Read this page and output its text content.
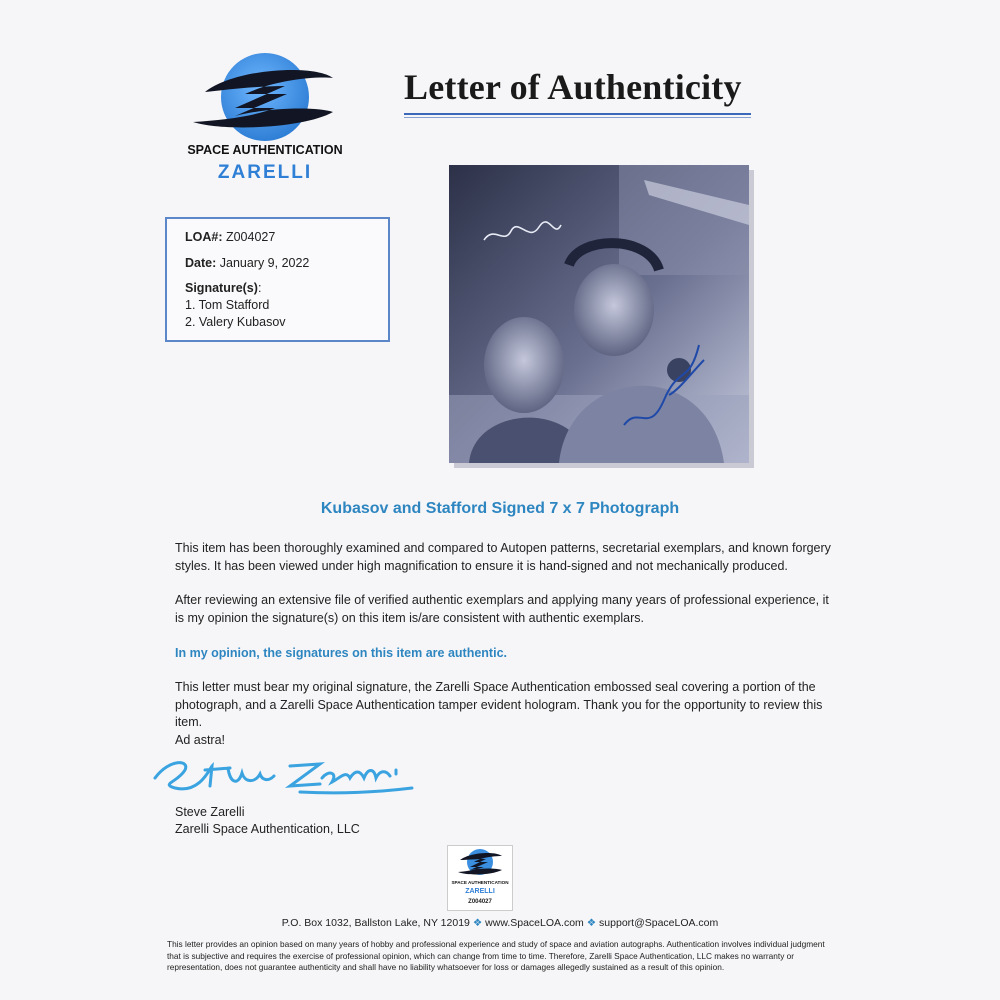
SPACE AUTHENTICATION
ZARELLI
Letter of Authenticity
LOA#: Z004027
Date: January 9, 2022
Signature(s):
1. Tom Stafford
2. Valery Kubasov
Kubasov and Stafford Signed 7 x 7 Photograph
This item has been thoroughly examined and compared to Autopen patterns, secretarial exemplars, and known forgery styles. It has been viewed under high magnification to ensure it is hand-signed and not mechanically produced.
After reviewing an extensive file of verified authentic exemplars and applying many years of professional experience, it is my opinion the signature(s) on this item is/are consistent with authentic exemplars.
In my opinion, the signatures on this item are authentic.
This letter must bear my original signature, the Zarelli Space Authentication embossed seal covering a portion of the photograph, and a Zarelli Space Authentication tamper evident hologram. Thank you for the opportunity to review this item.
Ad astra!
Steve Zarelli
Zarelli Space Authentication, LLC
SPACE AUTHENTICATION
ZARELLI
Z004027
P.O. Box 1032, Ballston Lake, NY 12019 ❖ www.SpaceLOA.com ❖ support@SpaceLOA.com
This letter provides an opinion based on many years of hobby and professional experience and study of space and aviation autographs. Authentication involves individual judgment that is subjective and requires the exercise of professional opinion, which can change from time to time. Therefore, Zarelli Space Authentication, LLC makes no warranty or representation, does not guarantee authenticity and shall have no liability whatsoever for loss or damages allegedly sustained as a result of this opinion.
